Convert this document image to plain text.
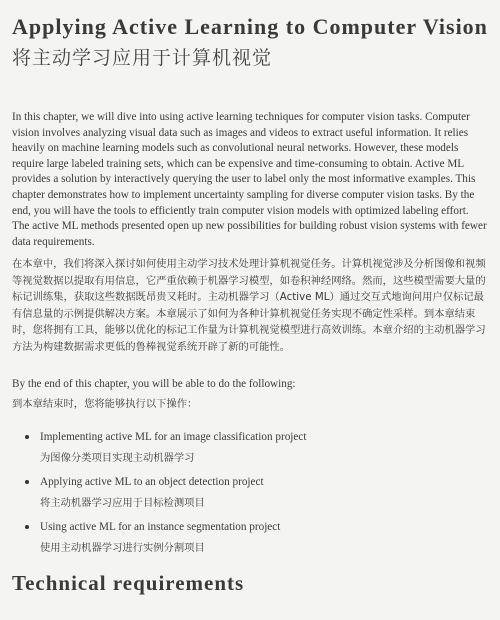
Applying Active Learning to Computer Vision
将主动学习应用于计算机视觉

In this chapter, we will dive into using active learning techniques for computer vision tasks. Computer vision involves analyzing visual data such as images and videos to extract useful information. It relies heavily on machine learning models such as convolutional neural networks. However, these models require large labeled training sets, which can be expensive and time-consuming to obtain. Active ML provides a solution by interactively querying the user to label only the most informative examples. This chapter demonstrates how to implement uncertainty sampling for diverse computer vision tasks. By the end, you will have the tools to efficiently train computer vision models with optimized labeling effort. The active ML methods presented open up new possibilities for building robust vision systems with fewer data requirements.

在本章中，我们将深入探讨如何使用主动学习技术处理计算机视觉任务。计算机视觉涉及分析图像和视频等视觉数据以提取有用信息，它严重依赖于机器学习模型，如卷积神经网络。然而，这些模型需要大量的标记训练集，获取这些数据既昂贵又耗时。主动机器学习（Active ML）通过交互式地询问用户仅标记最有信息量的示例提供解决方案。本章展示了如何为各种计算机视觉任务实现不确定性采样。到本章结束时，您将拥有工具，能够以优化的标记工作量为计算机视觉模型进行高效训练。本章介绍的主动机器学习方法为构建数据需求更低的鲁棒视觉系统开辟了新的可能性。

By the end of this chapter, you will be able to do the following:

到本章结束时，您将能够执行以下操作：

Implementing active ML for an image classification project
为图像分类项目实现主动机器学习
Applying active ML to an object detection project
将主动机器学习应用于目标检测项目
Using active ML for an instance segmentation project
使用主动机器学习进行实例分割项目
Technical requirements
